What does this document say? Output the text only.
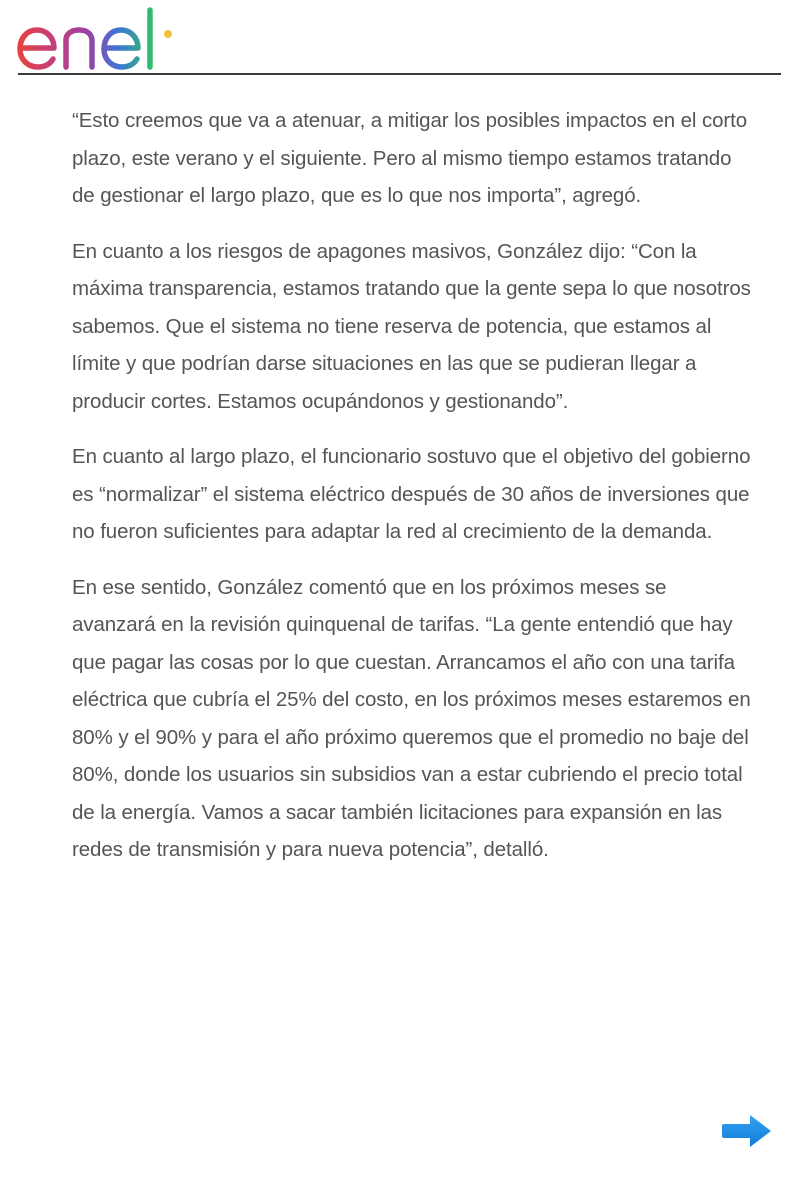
“Esto creemos que va a atenuar, a mitigar los posibles impactos en el corto plazo, este verano y el siguiente. Pero al mismo tiempo estamos tratando de gestionar el largo plazo, que es lo que nos importa”, agregó.

En cuanto a los riesgos de apagones masivos, González dijo: “Con la máxima transparencia, estamos tratando que la gente sepa lo que nosotros sabemos. Que el sistema no tiene reserva de potencia, que estamos al límite y que podrían darse situaciones en las que se pudieran llegar a producir cortes. Estamos ocupándonos y gestionando”.

En cuanto al largo plazo, el funcionario sostuvo que el objetivo del gobierno es “normalizar” el sistema eléctrico después de 30 años de inversiones que no fueron suficientes para adaptar la red al crecimiento de la demanda.

En ese sentido, González comentó que en los próximos meses se avanzará en la revisión quinquenal de tarifas. “La gente entendió que hay que pagar las cosas por lo que cuestan. Arrancamos el año con una tarifa eléctrica que cubría el 25% del costo, en los próximos meses estaremos en 80% y el 90% y para el año próximo queremos que el promedio no baje del 80%, donde los usuarios sin subsidios van a estar cubriendo el precio total de la energía. Vamos a sacar también licitaciones para expansión en las redes de transmisión y para nueva potencia”, detalló.
